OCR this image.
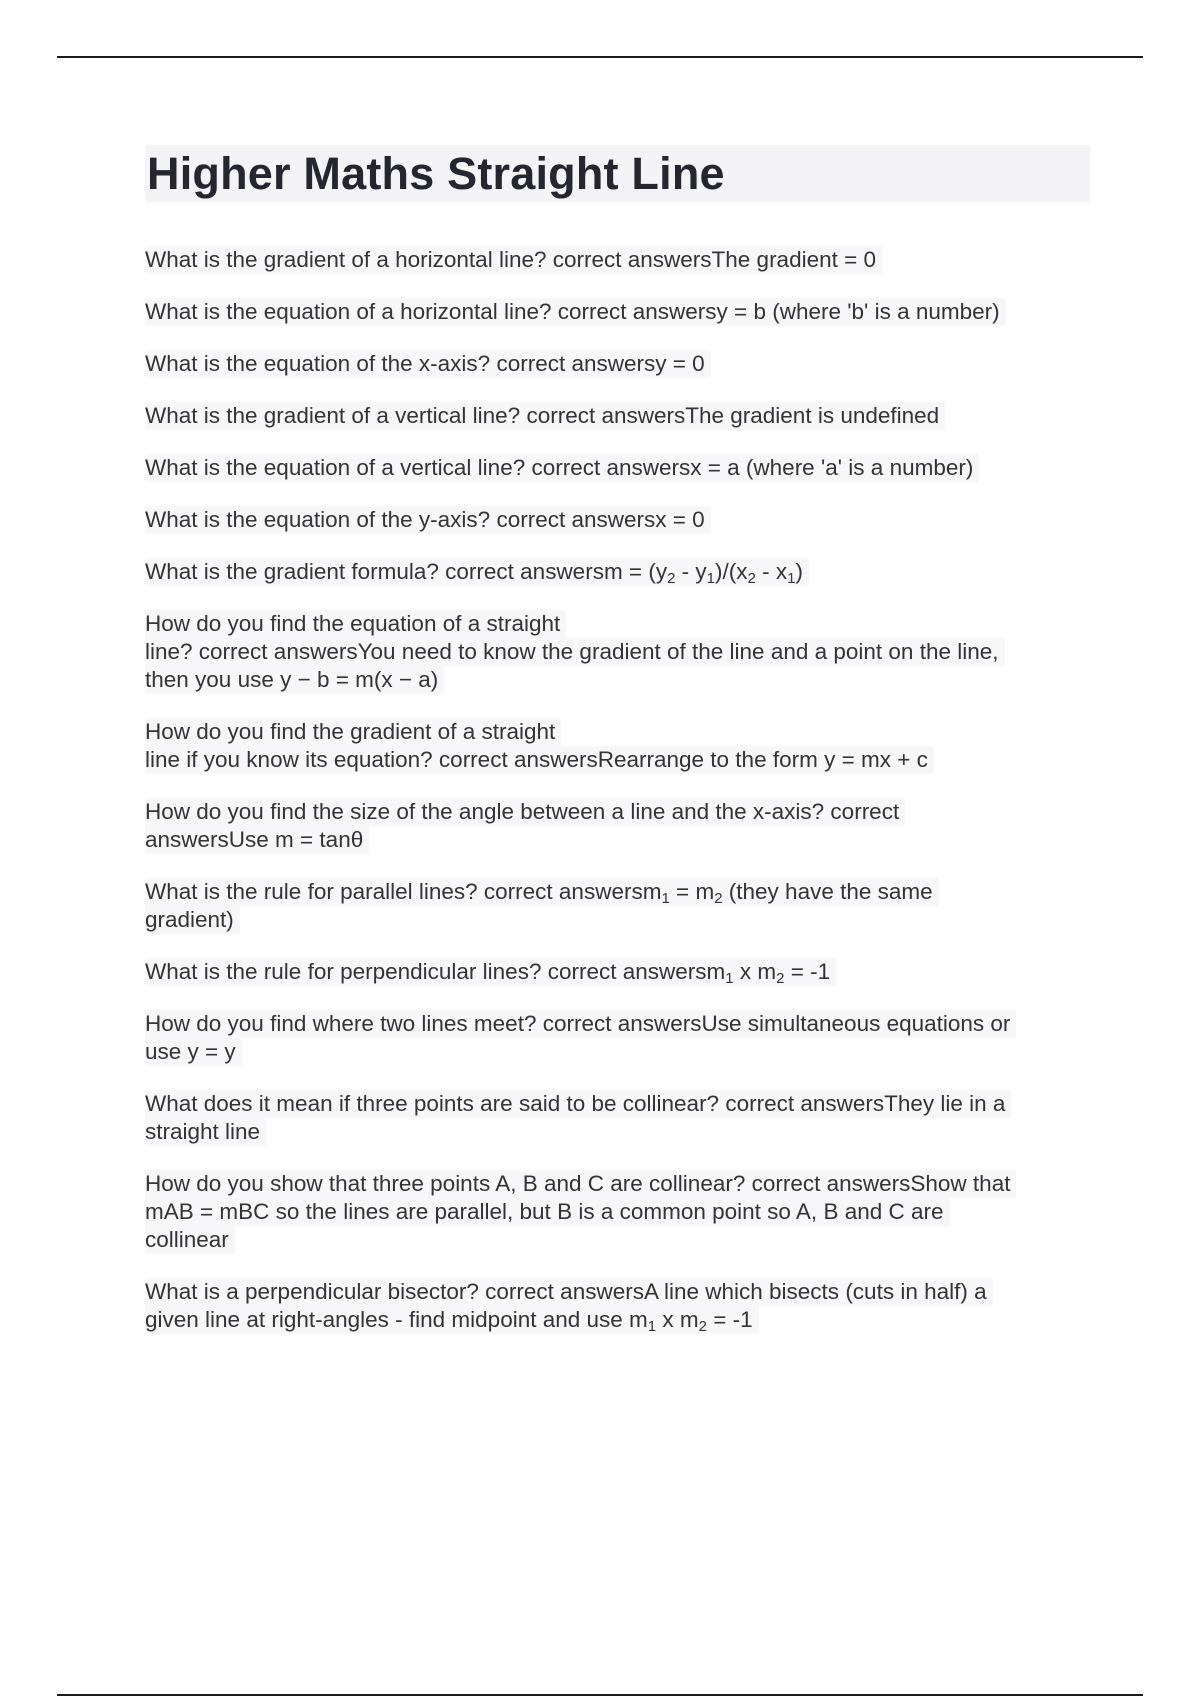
Higher Maths Straight Line

What is the gradient of a horizontal line? correct answersThe gradient = 0

What is the equation of a horizontal line? correct answersy = b (where 'b' is a number)

What is the equation of the x-axis? correct answersy = 0

What is the gradient of a vertical line? correct answersThe gradient is undefined

What is the equation of a vertical line? correct answersx = a (where 'a' is a number)

What is the equation of the y-axis? correct answersx = 0

What is the gradient formula? correct answersm = $(y_2 - y_1)/(x_2 - x_1)$

How do you find the equation of a straight
line? correct answersYou need to know the gradient of the line and a point on the line,
then you use y − b = m(x − a)

How do you find the gradient of a straight
line if you know its equation? correct answersRearrange to the form y = mx + c

How do you find the size of the angle between a line and the x-axis? correct
answersUse m = tanθ

What is the rule for parallel lines? correct answersm$_1$ = $m_2$ (they have the same
gradient)

What is the rule for perpendicular lines? correct answersm$_1$ x $m_2 = -1$

How do you find where two lines meet? correct answersUse simultaneous equations or
use y = y

What does it mean if three points are said to be collinear? correct answersThey lie in a
straight line

How do you show that three points A, B and C are collinear? correct answersShow that
mAB = mBC so the lines are parallel, but B is a common point so A, B and C are
collinear

What is a perpendicular bisector? correct answersA line which bisects (cuts in half) a
given line at right-angles - find midpoint and use $m_1$ x $m_2 = -1$
